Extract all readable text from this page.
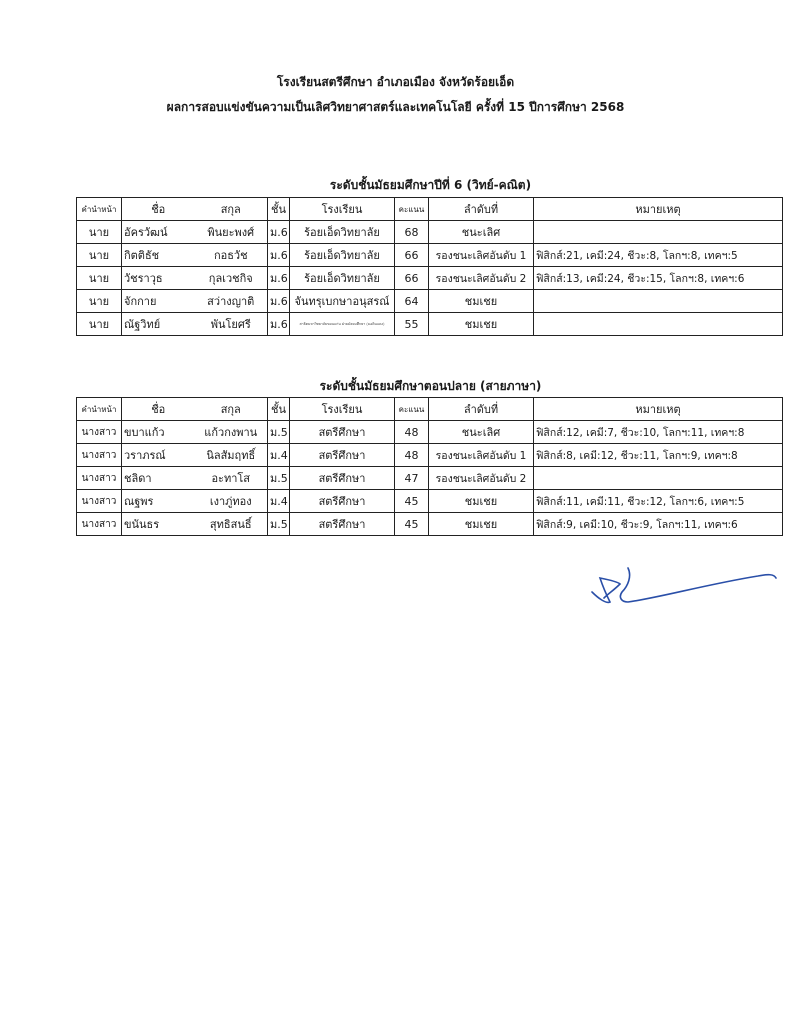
โรงเรียนสตรีศึกษา อำเภอเมือง จังหวัดร้อยเอ็ด
ผลการสอบแข่งขันความเป็นเลิศวิทยาศาสตร์และเทคโนโลยี ครั้งที่ 15 ปีการศึกษา 2568
ระดับชั้นมัธยมศึกษาปีที่ 6 (วิทย์-คณิต)
คำนำหน้า	ชื่อ	สกุล	ชั้น	โรงเรียน	คะแนน	ลำดับที่	หมายเหตุ
นาย	อัครวัฒน์	พินยะพงศ์	ม.6	ร้อยเอ็ดวิทยาลัย	68	ชนะเลิศ	
นาย	กิตติธัช	กอธวัช	ม.6	ร้อยเอ็ดวิทยาลัย	66	รองชนะเลิศอันดับ 1	ฟิสิกส์:21, เคมี:24, ชีวะ:8, โลกฯ:8, เทคฯ:5
นาย	วัชราวุธ	กุลเวชกิจ	ม.6	ร้อยเอ็ดวิทยาลัย	66	รองชนะเลิศอันดับ 2	ฟิสิกส์:13, เคมี:24, ชีวะ:15, โลกฯ:8, เทคฯ:6
นาย	จักกาย	สว่างญาติ	ม.6	จันทรุเบกษาอนุสรณ์	64	ชมเชย	
นาย	ณัฐวิทย์	พันโยศรี	ม.6	สาธิตมหาวิทยาลัยขอนแก่น ฝ่ายมัธยมศึกษา (มอดินแดง)	55	ชมเชย	
ระดับชั้นมัธยมศึกษาตอนปลาย (สายภาษา)
คำนำหน้า	ชื่อ	สกุล	ชั้น	โรงเรียน	คะแนน	ลำดับที่	หมายเหตุ
นางสาว	ขบาแก้ว	แก้วกงพาน	ม.5	สตรีศึกษา	48	ชนะเลิศ	ฟิสิกส์:12, เคมี:7, ชีวะ:10, โลกฯ:11, เทคฯ:8
นางสาว	วราภรณ์	นิลสัมฤทธิ์	ม.4	สตรีศึกษา	48	รองชนะเลิศอันดับ 1	ฟิสิกส์:8, เคมี:12, ชีวะ:11, โลกฯ:9, เทคฯ:8
นางสาว	ชลิดา	อะทาโส	ม.5	สตรีศึกษา	47	รองชนะเลิศอันดับ 2	
นางสาว	ณฐพร	เงาภู่ทอง	ม.4	สตรีศึกษา	45	ชมเชย	ฟิสิกส์:11, เคมี:11, ชีวะ:12, โลกฯ:6, เทคฯ:5
นางสาว	ขนันธร	สุทธิสนธิ์	ม.5	สตรีศึกษา	45	ชมเชย	ฟิสิกส์:9, เคมี:10, ชีวะ:9, โลกฯ:11, เทคฯ:6
